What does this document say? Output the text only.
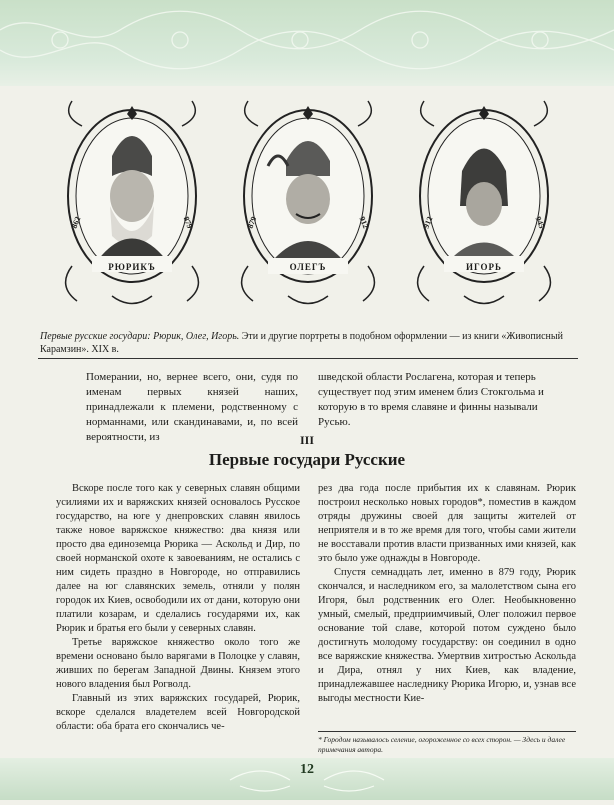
862	879
РЮРИКЪ
879	912
ОЛЕГЪ
912	945
ИГОРЬ
Первые русские государи: Рюрик, Олег, Игорь. Эти и другие портреты в подобном оформлении — из книги «Живописный Карамзин». XIX в.

Померании, но, вернее всего, они, судя по именам первых князей наших, принадлежали к племени, родственному с норманнами, или скандинавами, и, по всей вероятности, из

шведской области Рослагена, которая и теперь существует под этим именем близ Стокгольма и которую в то время славяне и финны называли Русью.

III
Первые государи Русские

Вскоре после того как у северных славян общими усилиями их и варяжских князей основалось Русское государство, на юге у днепровских славян явилось также новое варяжское княжество: два князя или просто два единоземца Рюрика — Аскольд и Дир, по своей норманской охоте к завоеваниям, не остались с ним сидеть праздно в Новгороде, но отправились далее на юг славянских земель, отняли у полян городок их Киев, освободили их от дани, которую они платили козарам, и сделались государями их, как Рюрик и братья его были у северных славян.

Третье варяжское княжество около того же времени основано было варягами в Полоцке у славян, живших по берегам Западной Двины. Князем этого нового владения был Рогволд.

Главный из этих варяжских государей, Рюрик, вскоре сделался владетелем всей Новгородской области: оба брата его скончались че-

рез два года после прибытия их к славянам. Рюрик построил несколько новых городов*, поместив в каждом отряды дружины своей для защиты жителей от неприятеля и в то же время для того, чтобы сами жители не восставали против власти призванных ими князей, как это было уже однажды в Новгороде.

Спустя семнадцать лет, именно в 879 году, Рюрик скончался, и наследником его, за малолетством сына его Игоря, был родственник его Олег. Необыкновенно умный, смелый, предприимчивый, Олег положил первое основание той славе, которой потом суждено было достигнуть молодому государству: он соединил в одно все варяжские княжества. Умертвив хитростью Аскольда и Дира, отнял у них Киев, как владение, принадлежавшее наследнику Рюрика Игорю, и, узнав все выгоды местности Кие-

* Городом называлось селение, огороженное со всех сторон. — Здесь и далее примечания автора.
12
